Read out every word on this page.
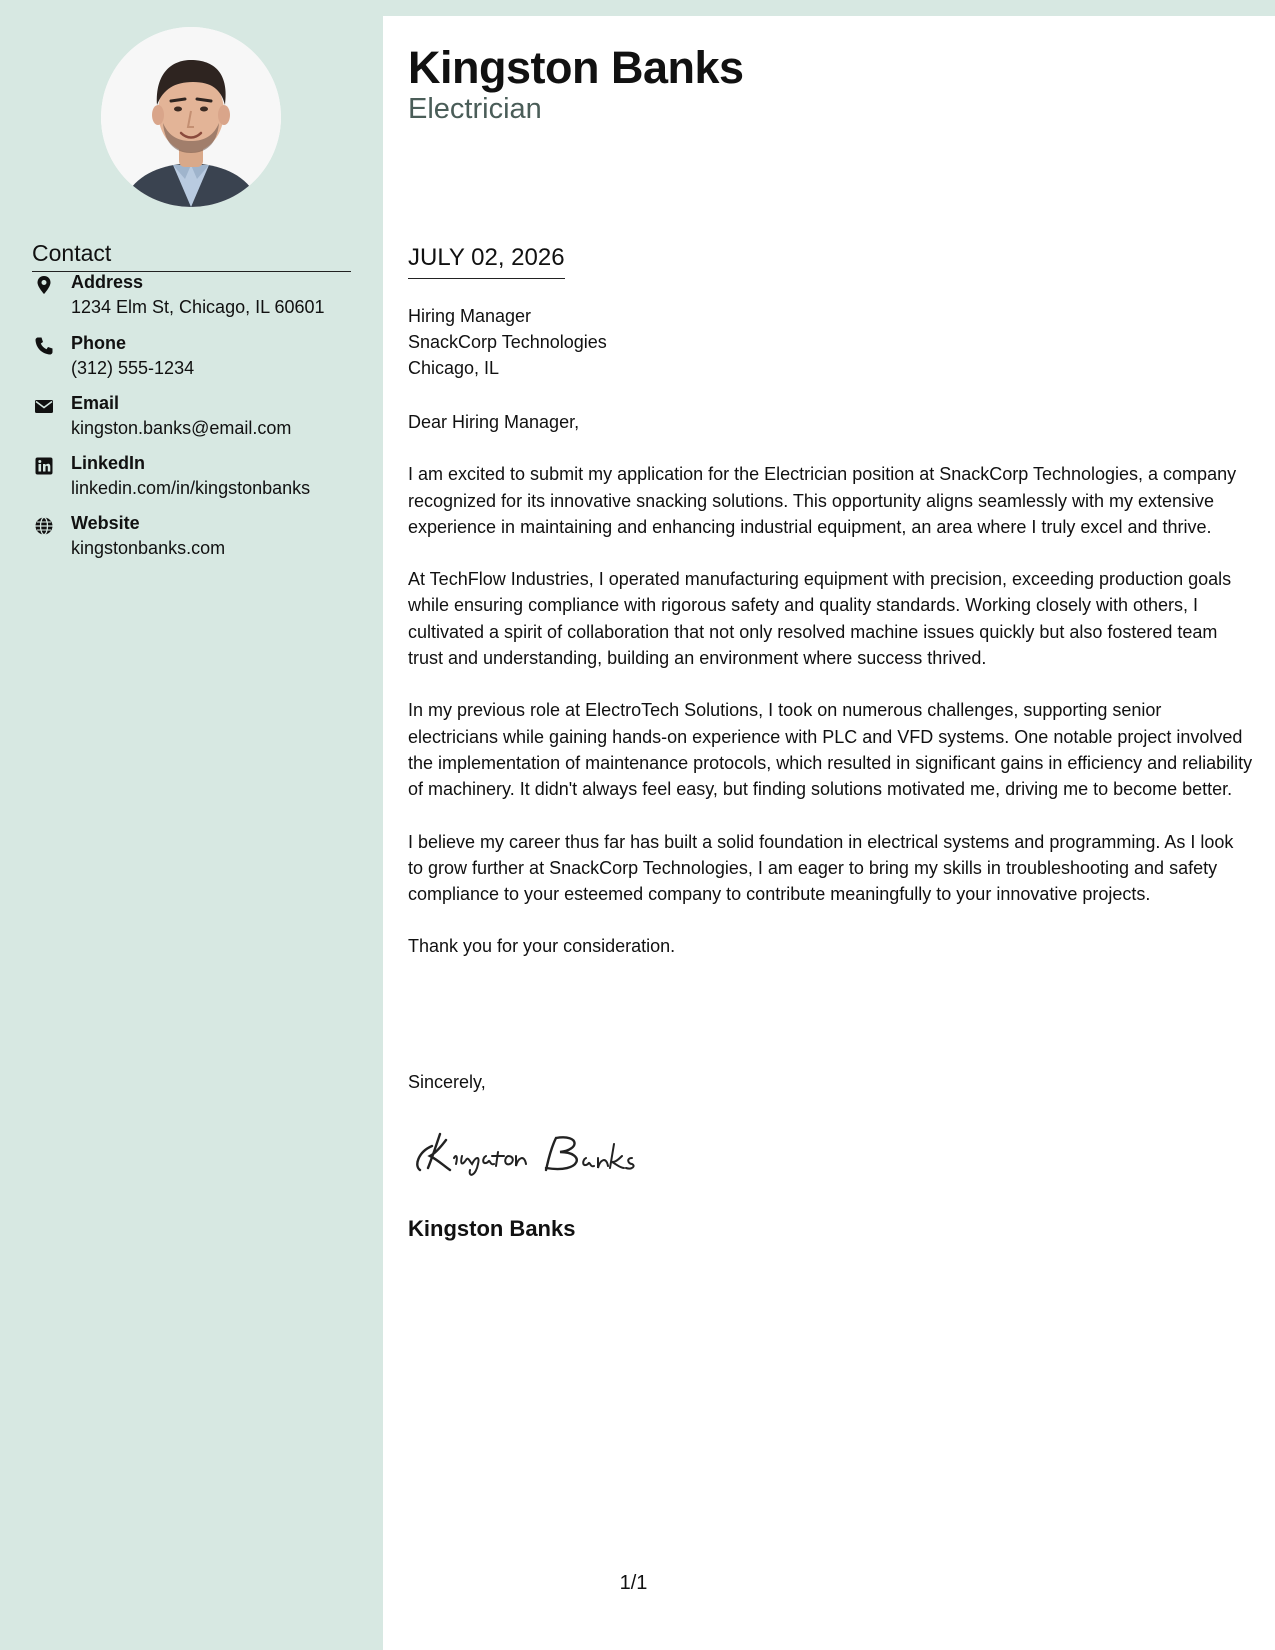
Contact
Address
1234 Elm St, Chicago, IL 60601
Phone
(312) 555-1234
Email
kingston.banks@email.com
LinkedIn
linkedin.com/in/kingstonbanks
Website
kingstonbanks.com
Kingston Banks
Electrician
JULY 02, 2026
Hiring Manager
SnackCorp Technologies
Chicago, IL

Dear Hiring Manager,

I am excited to submit my application for the Electrician position at SnackCorp Technologies, a company recognized for its innovative snacking solutions. This opportunity aligns seamlessly with my extensive experience in maintaining and enhancing industrial equipment, an area where I truly excel and thrive.

At TechFlow Industries, I operated manufacturing equipment with precision, exceeding production goals while ensuring compliance with rigorous safety and quality standards. Working closely with others, I cultivated a spirit of collaboration that not only resolved machine issues quickly but also fostered team trust and understanding, building an environment where success thrived.

In my previous role at ElectroTech Solutions, I took on numerous challenges, supporting senior electricians while gaining hands-on experience with PLC and VFD systems. One notable project involved the implementation of maintenance protocols, which resulted in significant gains in efficiency and reliability of machinery. It didn't always feel easy, but finding solutions motivated me, driving me to become better.

I believe my career thus far has built a solid foundation in electrical systems and programming. As I look to grow further at SnackCorp Technologies, I am eager to bring my skills in troubleshooting and safety compliance to your esteemed company to contribute meaningfully to your innovative projects.

Thank you for your consideration.

Sincerely,
Kingston Banks
1/1
